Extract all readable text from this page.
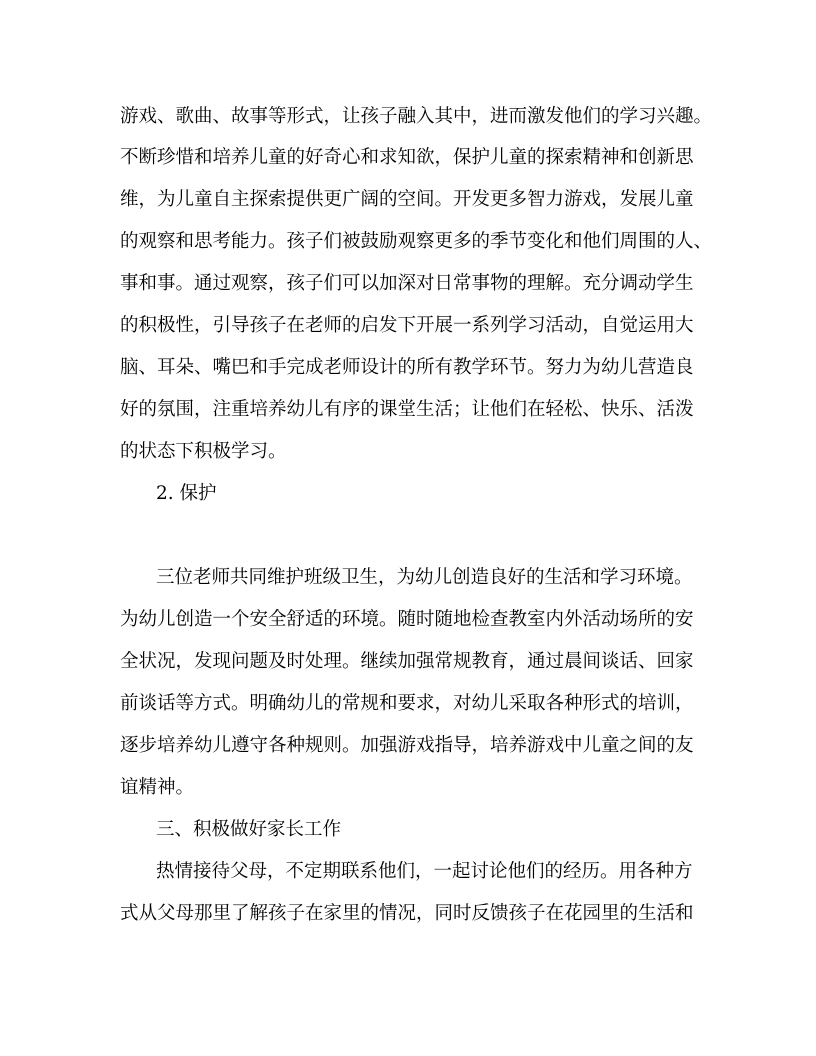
游戏、歌曲、故事等形式，让孩子融入其中，进而激发他们的学习兴趣。
不断珍惜和培养儿童的好奇心和求知欲，保护儿童的探索精神和创新思
维，为儿童自主探索提供更广阔的空间。开发更多智力游戏，发展儿童
的观察和思考能力。孩子们被鼓励观察更多的季节变化和他们周围的人、
事和事。通过观察，孩子们可以加深对日常事物的理解。充分调动学生
的积极性，引导孩子在老师的启发下开展一系列学习活动，自觉运用大
脑、耳朵、嘴巴和手完成老师设计的所有教学环节。努力为幼儿营造良
好的氛围，注重培养幼儿有序的课堂生活；让他们在轻松、快乐、活泼
的状态下积极学习。
2. 保护
三位老师共同维护班级卫生，为幼儿创造良好的生活和学习环境。
为幼儿创造一个安全舒适的环境。随时随地检查教室内外活动场所的安
全状况，发现问题及时处理。继续加强常规教育，通过晨间谈话、回家
前谈话等方式。明确幼儿的常规和要求，对幼儿采取各种形式的培训，
逐步培养幼儿遵守各种规则。加强游戏指导，培养游戏中儿童之间的友
谊精神。
三、积极做好家长工作
热情接待父母，不定期联系他们，一起讨论他们的经历。用各种方
式从父母那里了解孩子在家里的情况，同时反馈孩子在花园里的生活和
